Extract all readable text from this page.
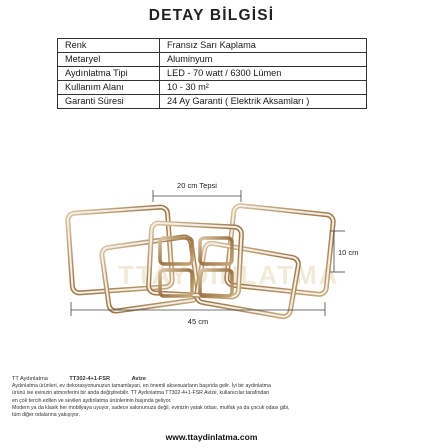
DETAY BİLGİSİ
Renk	Fransız Sarı Kaplama
Metaryel	Aluminyum
Aydınlatma Tipi	LED - 70 watt / 6300 Lümen
Kullanım Alanı	10 - 30 m²
Garanti Süresi	24 Ay Garanti ( Elektrik Aksamları )
TTAYDINLATMA
20 cm Tepsi
10 cm
45 cm
TT Aydınlatma	TT302-4+1-FSR	Avize
Aydınlatma ürünleri, ev dekorasyonunuzun tamamlayan, en önemli aksesuarların başında gelir. İyi bir aydınlatma
ürünü ise evinizin atmosferini bir anda değiştirebilir. TT Aydınlatma TT302-4+1-FSR Avize, kullanıcılar tarafından
en çok tercih edilen ve sevilen aydınlatma ürünlerinin başında geliyor.
Modern ya da klasik her mobilyaya uyuyor, sadece salonunuza değil, evinizin yatak odası, mutfak ya da çocuk odası gibi,
tüm diğer odalarına yakışıyor.
www.ttaydinlatma.com
